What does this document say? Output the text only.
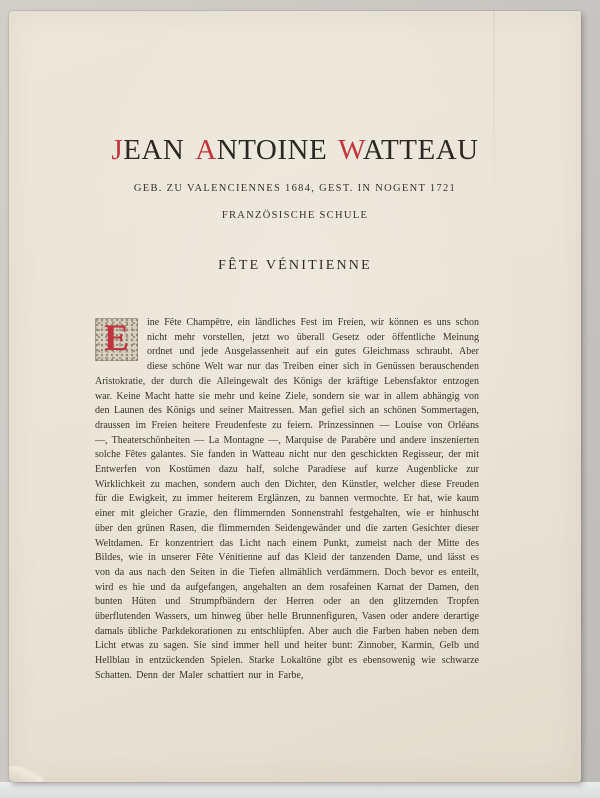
JEAN ANTOINE WATTEAU
GEB. ZU VALENCIENNES 1684, GEST. IN NOGENT 1721
FRANZÖSISCHE SCHULE
FÊTE VÉNITIENNE
E	ine Fête Champêtre, ein ländliches Fest im Freien, wir können es uns schon nicht mehr vorstellen, jetzt wo überall Gesetz oder öffentliche Meinung ordnet und jede Ausgelassenheit auf ein gutes Gleichmass schraubt. Aber diese schöne Welt war nur das Treiben einer sich in Genüssen berauschenden Aristokratie, der durch die Alleingewalt des Königs der kräftige Lebensfaktor entzogen war. Keine Macht hatte sie mehr und keine Ziele, sondern sie war in allem abhängig von den Launen des Königs und seiner Maitressen. Man gefiel sich an schönen Sommertagen, draussen im Freien heitere Freudenfeste zu feiern. Prinzessinnen — Louise von Orléans —, Theaterschönheiten — La Montagne —, Marquise de Parabère und andere inszenierten solche Fêtes galantes. Sie fanden in Watteau nicht nur den geschickten Regisseur, der mit Entwerfen von Kostümen dazu half, solche Paradiese auf kurze Augenblicke zur Wirklichkeit zu machen, sondern auch den Dichter, den Künstler, welcher diese Freuden für die Ewigkeit, zu immer heiterem Erglänzen, zu bannen vermochte. Er hat, wie kaum einer mit gleicher Grazie, den flimmernden Sonnenstrahl festgehalten, wie er hinhuscht über den grünen Rasen, die flimmernden Seidengewänder und die zarten Gesichter dieser Weltdamen. Er konzentriert das Licht nach einem Punkt, zumeist nach der Mitte des Bildes, wie in unserer Fête Vénitienne auf das Kleid der tanzenden Dame, und lässt es von da aus nach den Seiten in die Tiefen allmählich verdämmern. Doch bevor es enteilt, wird es hie und da aufgefangen, angehalten an dem rosafeinen Karnat der Damen, den bunten Hüten und Strumpfbändern der Herren oder an den glitzernden Tropfen überflutenden Wassers, um hinweg über helle Brunnenfiguren, Vasen oder andere derartige damals übliche Parkdekorationen zu entschlüpfen. Aber auch die Farben haben neben dem Licht etwas zu sagen. Sie sind immer hell und heiter bunt: Zinnober, Karmin, Gelb und Hellblau in entzückenden Spielen. Starke Lokaltöne gibt es ebensowenig wie schwarze Schatten. Denn der Maler schattiert nur in Farbe,
